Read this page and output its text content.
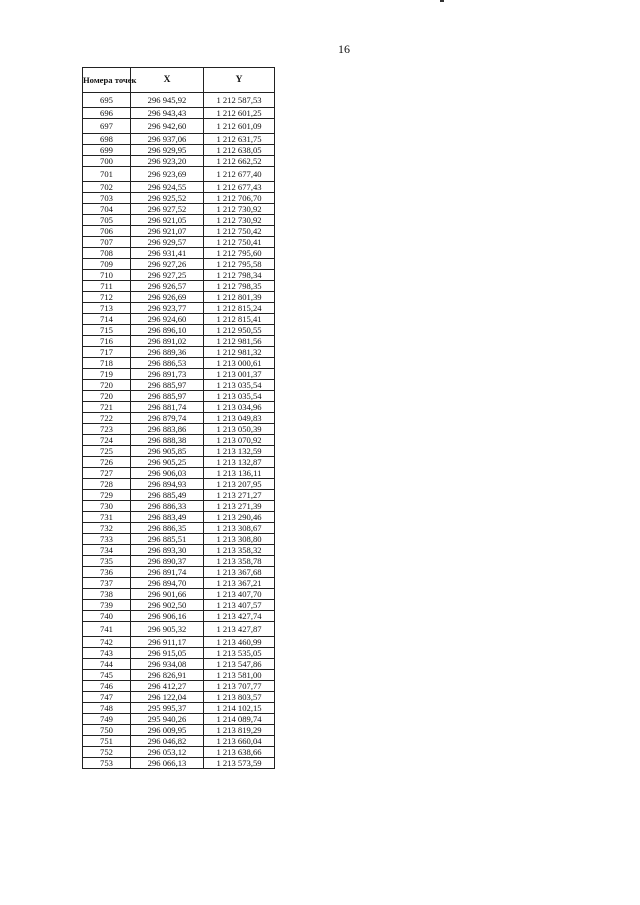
16
Номера точек	X	Y
695	296 945,92	1 212 587,53
696	296 943,43	1 212 601,25
697	296 942,60	1 212 601,09
698	296 937,06	1 212 631,75
699	296 929,95	1 212 638,05
700	296 923,20	1 212 662,52
701	296 923,69	1 212 677,40
702	296 924,55	1 212 677,43
703	296 925,52	1 212 706,70
704	296 927,52	1 212 730,92
705	296 921,05	1 212 730,92
706	296 921,07	1 212 750,42
707	296 929,57	1 212 750,41
708	296 931,41	1 212 795,60
709	296 927,26	1 212 795,58
710	296 927,25	1 212 798,34
711	296 926,57	1 212 798,35
712	296 926,69	1 212 801,39
713	296 923,77	1 212 815,24
714	296 924,60	1 212 815,41
715	296 896,10	1 212 950,55
716	296 891,02	1 212 981,56
717	296 889,36	1 212 981,32
718	296 886,53	1 213 000,61
719	296 891,73	1 213 001,37
720	296 885,97	1 213 035,54
720	296 885,97	1 213 035,54
721	296 881,74	1 213 034,96
722	296 879,74	1 213 049,83
723	296 883,86	1 213 050,39
724	296 888,38	1 213 070,92
725	296 905,85	1 213 132,59
726	296 905,25	1 213 132,87
727	296 906,03	1 213 136,11
728	296 894,93	1 213 207,95
729	296 885,49	1 213 271,27
730	296 886,33	1 213 271,39
731	296 883,49	1 213 290,46
732	296 886,35	1 213 308,67
733	296 885,51	1 213 308,80
734	296 893,30	1 213 358,32
735	296 890,37	1 213 358,78
736	296 891,74	1 213 367,68
737	296 894,70	1 213 367,21
738	296 901,66	1 213 407,70
739	296 902,50	1 213 407,57
740	296 906,16	1 213 427,74
741	296 905,32	1 213 427,87
742	296 911,17	1 213 460,99
743	296 915,05	1 213 535,05
744	296 934,08	1 213 547,86
745	296 826,91	1 213 581,00
746	296 412,27	1 213 707,77
747	296 122,04	1 213 803,57
748	295 995,37	1 214 102,15
749	295 940,26	1 214 089,74
750	296 009,95	1 213 819,29
751	296 046,82	1 213 660,04
752	296 053,12	1 213 638,66
753	296 066,13	1 213 573,59
